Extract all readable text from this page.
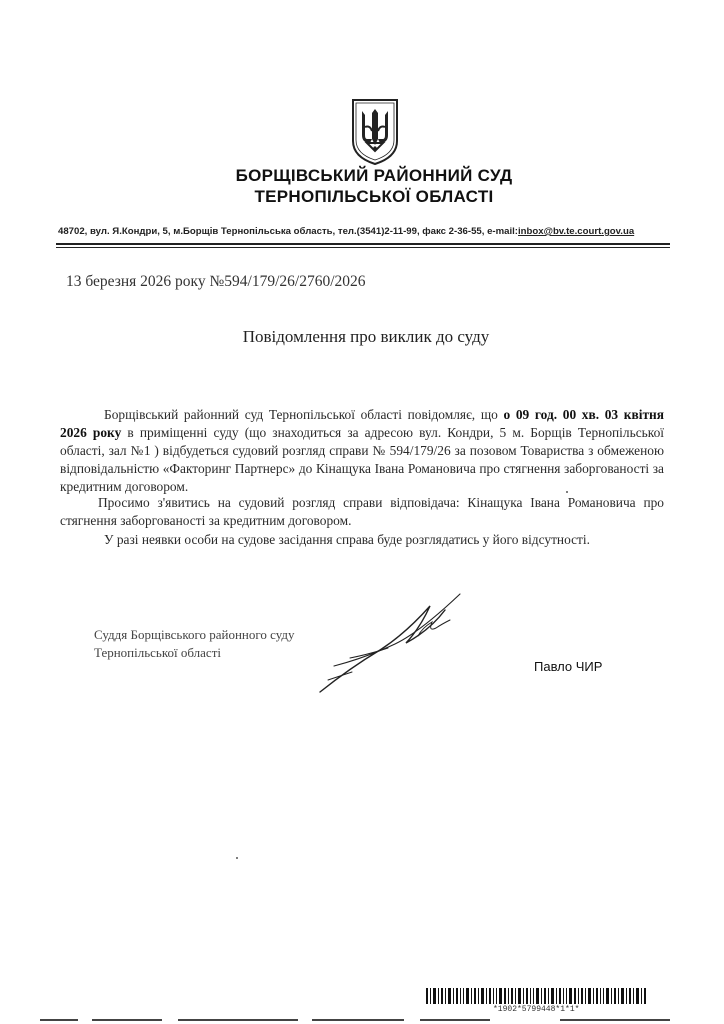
БОРЩІВСЬКИЙ РАЙОННИЙ СУД
ТЕРНОПІЛЬСЬКОЇ ОБЛАСТІ
48702, вул. Я.Кондри, 5, м.Борщів Тернопільська область, тел.(3541)2-11-99, факс 2-36-55, e-mail:inbox@bv.te.court.gov.ua
13 березня 2026 року №594/179/26/2760/2026
Повідомлення про виклик до суду
Борщівський районний суд Тернопільської області повідомляє, що о 09 год. 00 хв. 03 квітня 2026 року в приміщенні суду (що знаходиться за адресою вул. Кондри, 5 м. Борщів Тернопільської області, зал №1 ) відбудеться судовий розгляд справи № 594/179/26 за позовом Товариства з обмеженою відповідальністю «Факторинг Партнерс» до Кінащука Івана Романовича про стягнення заборгованості за кредитним договором.
Просимо з'явитись на судовий розгляд справи відповідача: Кінащука Івана Романовича про стягнення заборгованості за кредитним договором.
У разі неявки особи на судове засідання справа буде розглядатись у його відсутності.
Суддя Борщівського районного суду
Тернопільської області
Павло ЧИР
*1902*5799448*1*1*
